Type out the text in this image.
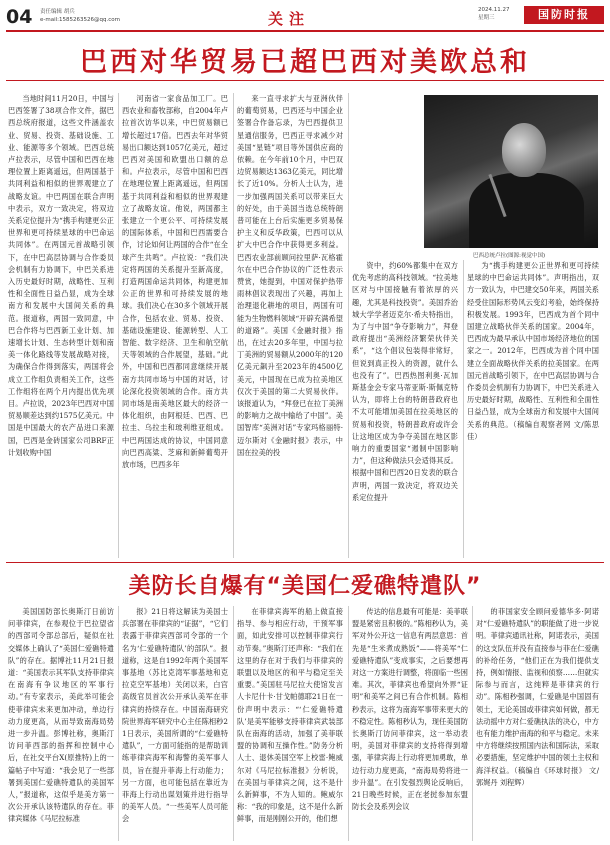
04 责任编辑 胡兵
e-mail:1585263526@qq.com	关注	2024.11.27
星期三	国防时报
巴西对华贸易已超巴西对美欧总和

当地时间11月20日，中国与巴西签署了38项合作文件，据巴西总统府报道，这些文件涵盖农业、贸易、投资、基础设施、工业、能源等多个领域。巴西总统卢拉表示，尽管中国和巴西在地理位置上距离遥远，但两国基于共同利益和相似的世界观建立了战略友谊。中巴两国在联合声明中表示，双方一致决定，将双边关系定位提升为“携手构建更公正世界和更可持续星球的中巴命运共同体”。在两国元首战略引领下，在中巴高层协调与合作委员会机制有力协调下，中巴关系进入历史最好时期，战略性、互利性和全面性日益凸显，成为全球南方和发展中大国间关系的典范。报道称，两国一致同意，中巴合作将与巴西新工业计划、加速增长计划、生态转型计划和南美一体化路线等发展战略对接，为确保合作得到落实，两国将会成立工作组负责相关工作，这些工作组将在两个月内提出优先项目。卢拉说，2023年巴西对中国贸易顺差达到约1575亿美元。中国是中国最大的农产品进口来源国，巴西是金砖国家公司BRF正计划收购中国

河南省一家食品加工厂。巴西农业和畜牧部称，自2004年卢拉首次访华以来，中巴贸易额已增长超过17倍。巴西去年对华贸易出口额达到1057亿美元，超过巴西对美国和欧盟出口额的总和。卢拉表示，尽管中国和巴西在地理位置上距离遥远，但两国基于共同利益和相似的世界观建立了战略友谊。他说，两国都主张建立一个更公平、可持续发展的国际体系，中国和巴西需要合作，讨论如何让两国的合作“在全球产生共鸣”。卢拉说：“我们决定将两国的关系提升至新高度，打造两国命运共同体，构建更加公正的世界和可持续发展的地球。我们决心在30多个领域开展合作，包括农业、贸易、投资、基础设施建设、能源转型、人工智能、数字经济、卫生和航空航天等领域的合作展望，基础。”此外，中国和巴西都同意继续开展南方共同市场与中国的对话，讨论深化投资领域的合作。南方共同市场是南美地区最大的经济一体化组织，由阿根廷、巴西、巴拉圭、乌拉圭和玻利维亚组成。中巴两国达成的协议，中国同意向巴西高粱、芝麻和新鲜葡萄开放市场，巴西多年

来一直寻求扩大与亚洲伙伴的葡萄贸易，巴西还与中国企业签署合作备忘录，为巴西提供卫星通信服务，巴西正寻求减少对美国“星链”项目等外国供应商的依赖。在今年前10个月，中巴双边贸易额达1363亿美元，同比增长了近10%。分析人士认为，进一步加强两国关系可以带来巨大的好处，由于美国当选总统特朗普可能在上台后实施更多贸易保护主义和反华政策，巴西可以从扩大中巴合作中获得更多利益。巴西农业部前顾问拉里萨·瓦格霍尔在中巴合作协议的广泛性表示赞赏，她提到，中国对保护热带雨林倡议表现出了兴趣，再加上治理退化耕地的项目，两国有可能为生物燃料领域“开辟充满希望的道路”。美国《金融时报》指出，在过去20多年里，中国与拉丁美洲的贸易额从2000年的120亿美元飙升至2023年的4500亿美元，中国现在已成为拉美地区仅次于美国的第二大贸易伙伴。该报道认为，“拜登已在拉丁美洲的影响力之战中输给了中国”。美国智库“美洲对话”专家玛格丽特·迈尔斯对《金融时报》表示，中国在拉美的投

资中，约60%都集中在双方优先考虑的高科技领域。“拉美地区对与中国接触有着浓厚的兴趣，尤其是科技投资”。美国乔治城大学学者迈克尔·希夫特指出，为了与中国“争夺影响力”，拜登政府提出“美洲经济繁荣伙伴关系”，“这个倡议包装得非常好，但说到真正投入的资源，就什么也没有了”。巴西热图利奥·瓦加斯基金会专家马蒂亚斯·斯佩克特认为，即将上台的特朗普政府也不太可能增加美国在拉美地区的贸易和投资，特朗普政府或许会让这地区成为争夺美国在地区影响力的重要国家“遏制中国影响力”，但这种做法只会适得其反。根据中国和巴西20日发表的联合声明，两国一致决定，将双边关系定位提升

为“携手构建更公正世界和更可持续星球的中巴命运共同体”。声明指出，双方一致认为，中巴建交50年来，两国关系经受住国际形势风云变幻考验，始终保持积极发展。1993年，巴西成为首个同中国建立战略伙伴关系的国家。2004年，巴西成为最早承认中国市场经济地位的国家之一。2012年，巴西成为首个同中国建立全面战略伙伴关系的拉美国家。在两国元首战略引领下，在中巴高层协调与合作委员会机制有力协调下，中巴关系进入历史最好时期，战略性、互利性和全面性日益凸显，成为全球南方和发展中大国间关系的典范。（稿编自观察者网 文/陈思佳）

巴西总统卢拉(图源:视觉中国)
美防长自爆有“美国仁爱礁特遣队”

美国国防部长奥斯汀日前访问菲律宾，在参观位于巴拉望省的西部司令部总部后，疑似在社交媒体上确认了“美国仁爱礁特遣队”的存在。据博社11月21日报道：“美国表示其军队支持菲律宾在南海有争议地区的军事行动。”有专家表示，美此举可能会使菲律宾未来更加冲动，单边行动力度更高，从而导致南海局势进一步升温。彭博社称，奥斯汀访问菲西部的指挥和控制中心后，在社交平台X(原推特)上的一篇帖子中写道：“我会见了一些部署到美国仁爱礁特遣队的美国军人，”报道称，这似乎是美方第一次公开承认该特遣队的存在。菲律宾媒体《马尼拉标准

报》21日将这解读为美国士兵部署在菲律宾的“证据”，“它们表露于菲律宾西部司令部的一个名为‘仁爱礁特遣队’的部队”。报道称，这是自1992年两个美国军事基地（苏比克湾军事基地和克拉克空军基地）关闭以来，白宫高级官员首次公开承认美军在菲律宾的持续存在。中国南海研究院世界海军研究中心主任陈相秒21日表示，美国所谓的“仁爱礁特遣队”，一方面可能指的是帮助训练菲律宾海军和海警的美军事人员，旨在提升菲海上行动能力；另一方面，也可能包括在靠近为菲海上行动出谋划策并进行指导的美军人员。“一些美军人员可能会

在菲律宾海军的船上做直接指导、参与相应行动，干预军事面，如此安排可以控制菲律宾行动节奏。”奥斯汀还声称：“我们在这里的存在对于我们与菲律宾的联盟以及地区的和平与稳定至关重要。”美国驻马尼拉大使馆发言人卡尼什卡·甘戈帕德耶21日在一份声明中表示：“‘仁爱礁特遣队’是美军能够支持菲律宾武装部队在南海的活动，加强了美菲联盟的协调和互操作性。”防务分析人士、退休美国空军上校雷·鲍威尔对《马尼拉标准报》分析说，在美国与菲律宾之间，这不是什么新鲜事，不为人知的。鲍威尔称：“我的印象是，这不是什么新鲜事，而是刚刚公开的，他们想

传达的信息最有可能是：美菲联盟是紧密且积极的。”陈相秒认为，美军对外公开这一信息有两层意思：首先是“生米煮成熟饭”——将美军“仁爱礁特遣队”变成事实，之后要想再对这一方案进行调整，将面临一些困难。其次，菲律宾也希望向外界“证明”和美军之间已有合作机制。陈相秒表示，这将为南海军事带来更大的不稳定性。陈相秒认为，现任美国防长奥斯汀访问菲律宾，这一举动表明，美国对菲律宾的支持将得到增强，菲律宾海上行动将更加勇敢，单边行动力度更高，“南海局势将进一步升温”。在引发强烈舆论反响后，21日晚些时候，正在老挝参加东盟防长会及系列会议

的菲国家安全顾问爱德华多·阿诺对“仁爱礁特遣队”的职能做了进一步说明。菲律宾通讯社称，阿诺表示，美国的这支队伍并没有直接参与菲在仁爱礁的补给任务，“他们正在为我们提供支持，例如情报、监视和侦察……但就实际参与而言，这纯粹是菲律宾的行动”。陈相秒强调，仁爱礁是中国固有领土，无论美国或菲律宾如何做，都无法动摇中方对仁爱礁执法的决心，中方也有能力维护南海的和平与稳定。未来中方将继续按照国内法和国际法，采取必要措施，坚定维护中国的领土主权和海洋权益。（稿编自《环球时报》 文/郭娓丹 刘程辉）
